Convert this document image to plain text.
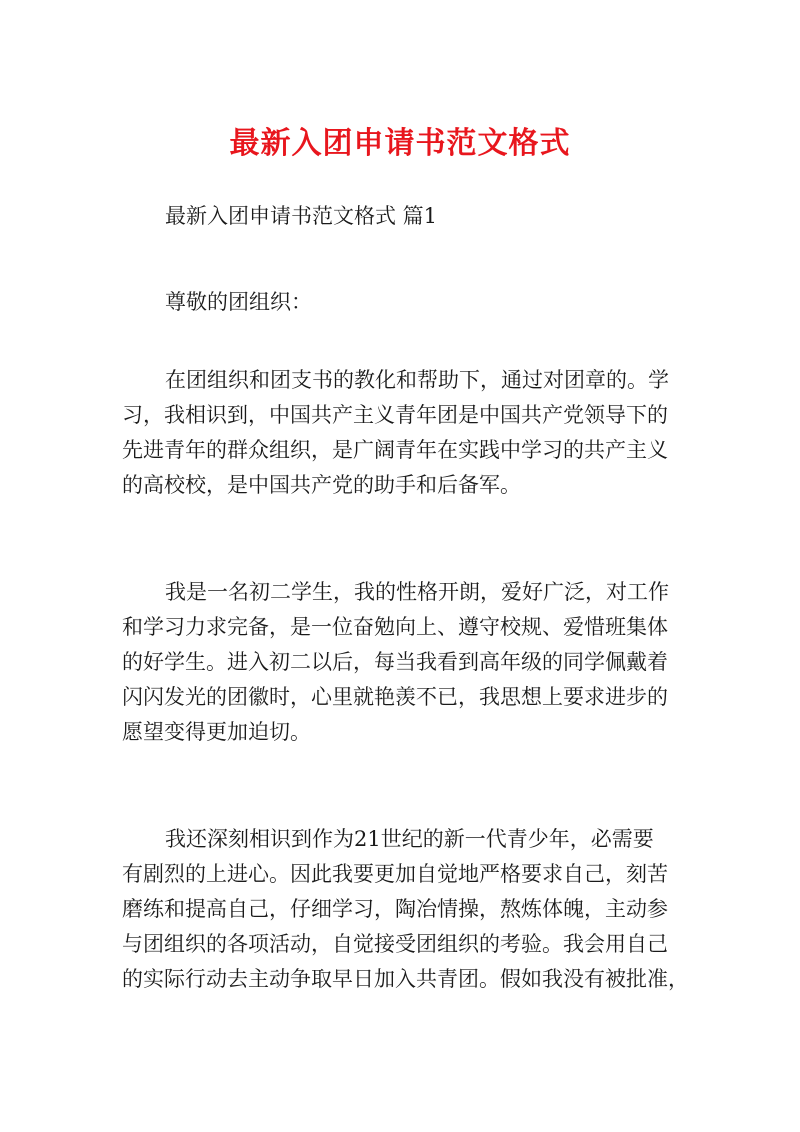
最新入团申请书范文格式

最新入团申请书范文格式 篇1

尊敬的团组织：

在团组织和团支书的教化和帮助下，通过对团章的。学
习，我相识到，中国共产主义青年团是中国共产党领导下的
先进青年的群众组织，是广阔青年在实践中学习的共产主义
的高校校，是中国共产党的助手和后备军。
我是一名初二学生，我的性格开朗，爱好广泛，对工作
和学习力求完备，是一位奋勉向上、遵守校规、爱惜班集体
的好学生。进入初二以后，每当我看到高年级的同学佩戴着
闪闪发光的团徽时，心里就艳羡不已，我思想上要求进步的
愿望变得更加迫切。
我还深刻相识到作为21世纪的新一代青少年，必需要
有剧烈的上进心。因此我要更加自觉地严格要求自己，刻苦
磨练和提高自己，仔细学习，陶冶情操，熬炼体魄，主动参
与团组织的各项活动，自觉接受团组织的考验。我会用自己
的实际行动去主动争取早日加入共青团。假如我没有被批准，
